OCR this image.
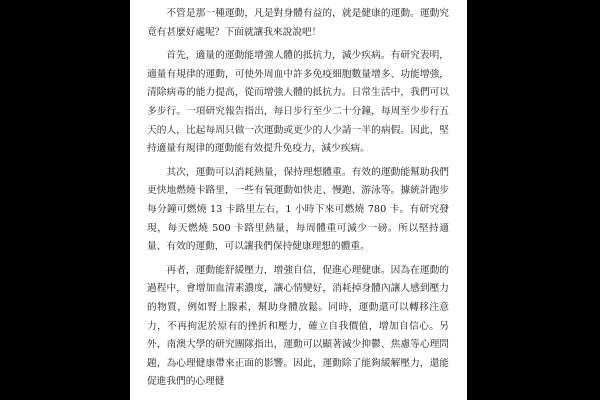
不管是那一種運動，凡是對身體有益的，就是健康的運動。運動究竟有甚麼好處呢？下面就讓我來說說吧！

首先，適量的運動能增強人體的抵抗力，減少疾病。有研究表明，適量有規律的運動，可使外周血中許多免疫細胞數量增多、功能增強，清除病毒的能力提高，從而增強人體的抵抗力。日常生活中，我們可以多步行。一項研究報告指出，每日步行至少二十分鐘，每周至少步行五天的人，比起每周只做一次運動或更少的人少請一半的病假。因此，堅持適量有規律的運動能有效提升免疫力，減少疾病。

其次，運動可以消耗熱量，保持理想體重。有效的運動能幫助我們更快地燃燒卡路里，一些有氧運動如快走、慢跑、游泳等。據統計跑步每分鐘可燃燒 13 卡路里左右，1 小時下來可燃燒 780 卡。有研究發現，每天燃燒 500 卡路里熱量，每周體重可減少一磅。所以堅持適量、有效的運動，可以讓我們保持健康理想的體重。

再者，運動能舒緩壓力，增強自信，促進心理健康。因為在運動的過程中，會增加血清素濃度，讓心情變好，消耗掉身體內讓人感到壓力的物質，例如腎上腺素，幫助身體放鬆。同時，運動還可以轉移注意力，不再拘泥於原有的挫折和壓力，確立自我價值，增加自信心。另外，南澳大學的研究團隊指出，運動可以顯著減少抑鬱、焦慮等心理問題，為心理健康帶來正面的影響。因此，運動除了能夠緩解壓力，還能促進我們的心理健
